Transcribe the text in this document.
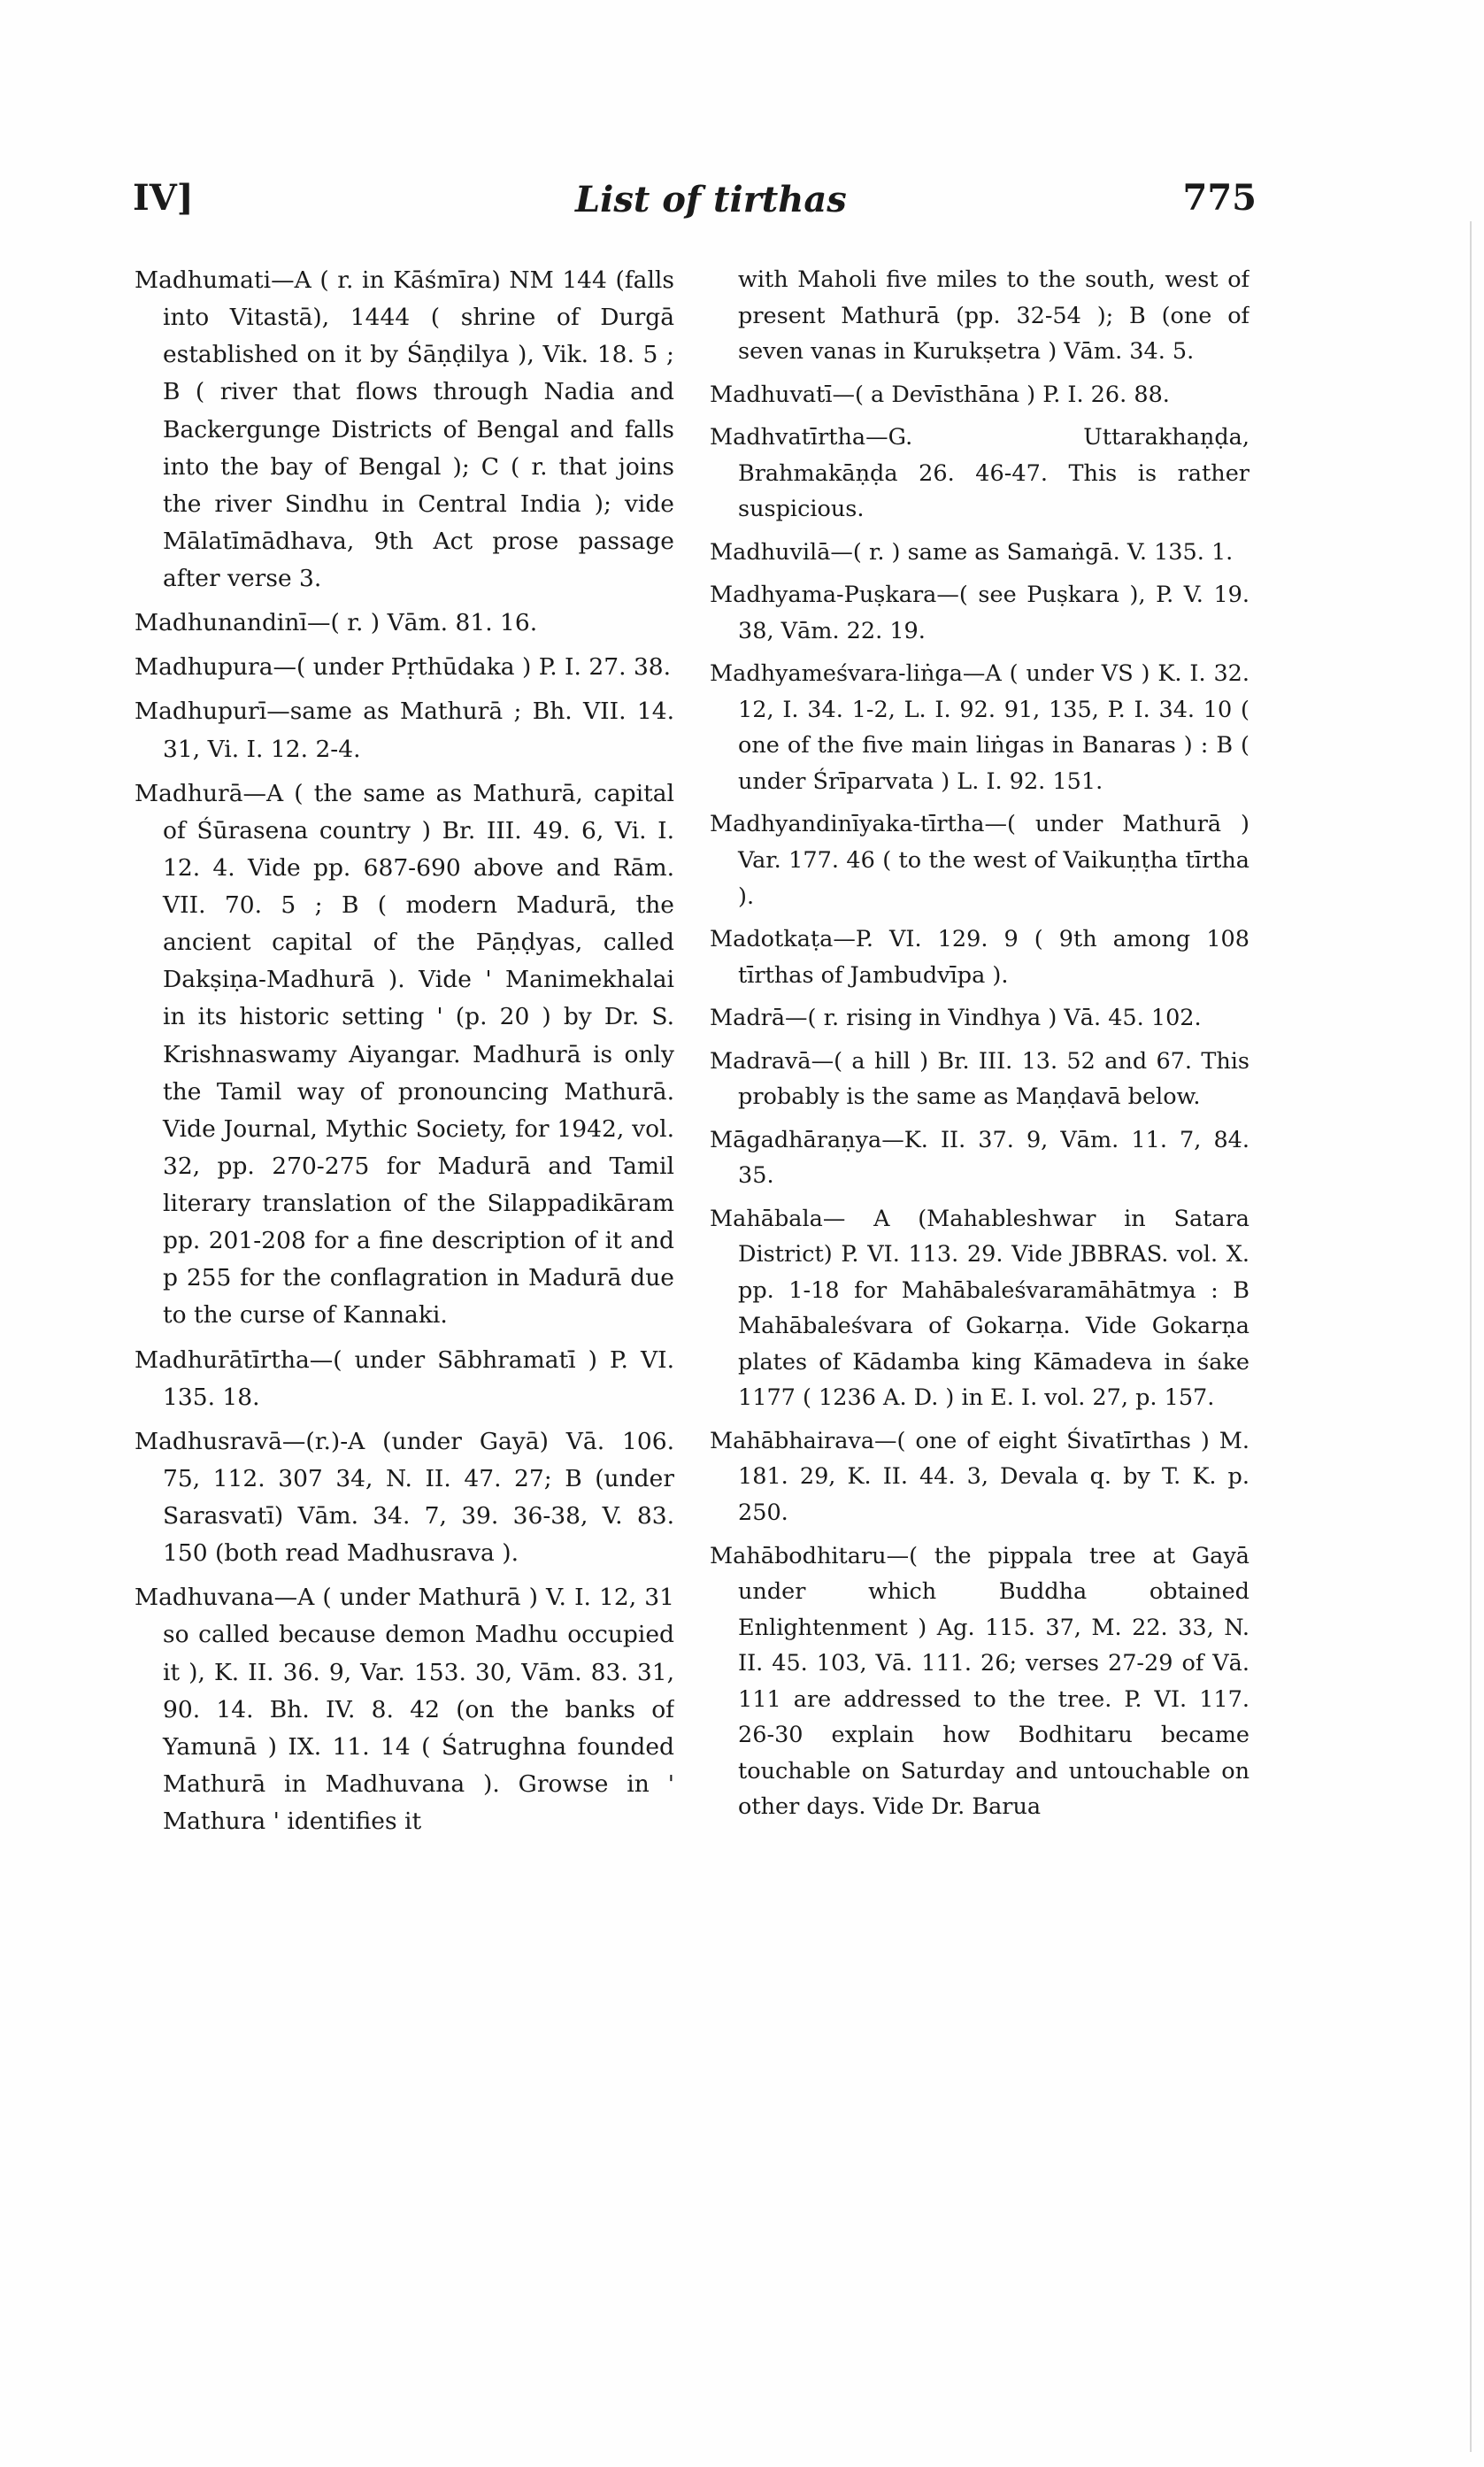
IV]	List of tirthas	775

Madhumati—A ( r. in Kāśmīra) NM 144 (falls into Vitastā), 1444 ( shrine of Durgā established on it by Śāṇḍilya ), Vik. 18. 5 ; B ( river that flows through Nadia and Backergunge Districts of Bengal and falls into the bay of Bengal ); C ( r. that joins the river Sindhu in Central India ); vide Mālatīmādhava, 9th Act prose passage after verse 3.

Madhunandinī—( r. ) Vām. 81. 16.

Madhupura—( under Pṛthūdaka ) P. I. 27. 38.

Madhupurī—same as Mathurā ; Bh. VII. 14. 31, Vi. I. 12. 2-4.

Madhurā—A ( the same as Mathurā, capital of Śūrasena country ) Br. III. 49. 6, Vi. I. 12. 4. Vide pp. 687-690 above and Rām. VII. 70. 5 ; B ( modern Madurā, the ancient capital of the Pāṇḍyas, called Dakṣiṇa-Madhurā ). Vide ' Manimekhalai in its historic setting ' (p. 20 ) by Dr. S. Krishnaswamy Aiyangar. Madhurā is only the Tamil way of pronouncing Mathurā. Vide Journal, Mythic Society, for 1942, vol. 32, pp. 270-275 for Madurā and Tamil literary translation of the Silappadikāram pp. 201-208 for a fine description of it and p 255 for the conflagration in Madurā due to the curse of Kannaki.

Madhurātīrtha—( under Sābhramatī ) P. VI. 135. 18.

Madhusravā—(r.)-A (under Gayā) Vā. 106. 75, 112. 307 34, N. II. 47. 27; B (under Sarasvatī) Vām. 34. 7, 39. 36-38, V. 83. 150 (both read Madhusrava ).

Madhuvana—A ( under Mathurā ) V. I. 12, 31 so called because demon Madhu occupied it ), K. II. 36. 9, Var. 153. 30, Vām. 83. 31, 90. 14. Bh. IV. 8. 42 (on the banks of Yamunā ) IX. 11. 14 ( Śatrughna founded Mathurā in Madhuvana ). Growse in ' Mathura ' identifies it

with Maholi five miles to the south, west of present Mathurā (pp. 32-54 ); B (one of seven vanas in Kurukṣetra ) Vām. 34. 5.

Madhuvatī—( a Devīsthāna ) P. I. 26. 88.

Madhvatīrtha—G. Uttarakhaṇḍa, Brahmakāṇḍa 26. 46-47. This is rather suspicious.

Madhuvilā—( r. ) same as Samaṅgā. V. 135. 1.

Madhyama-Puṣkara—( see Puṣkara ), P. V. 19. 38, Vām. 22. 19.

Madhyameśvara-liṅga—A ( under VS ) K. I. 32. 12, I. 34. 1-2, L. I. 92. 91, 135, P. I. 34. 10 ( one of the five main liṅgas in Banaras ) : B ( under Śrīparvata ) L. I. 92. 151.

Madhyandinīyaka-tīrtha—( under Mathurā ) Var. 177. 46 ( to the west of Vaikuṇṭha tīrtha ).

Madotkaṭa—P. VI. 129. 9 ( 9th among 108 tīrthas of Jambudvīpa ).

Madrā—( r. rising in Vindhya ) Vā. 45. 102.

Madravā—( a hill ) Br. III. 13. 52 and 67. This probably is the same as Maṇḍavā below.

Māgadhāraṇya—K. II. 37. 9, Vām. 11. 7, 84. 35.

Mahābala— A (Mahableshwar in Satara District) P. VI. 113. 29. Vide JBBRAS. vol. X. pp. 1-18 for Mahābaleśvaramāhātmya : B Mahābaleśvara of Gokarṇa. Vide Gokarṇa plates of Kādamba king Kāmadeva in śake 1177 ( 1236 A. D. ) in E. I. vol. 27, p. 157.

Mahābhairava—( one of eight Śivatīrthas ) M. 181. 29, K. II. 44. 3, Devala q. by T. K. p. 250.

Mahābodhitaru—( the pippala tree at Gayā under which Buddha obtained Enlightenment ) Ag. 115. 37, M. 22. 33, N. II. 45. 103, Vā. 111. 26; verses 27-29 of Vā. 111 are addressed to the tree. P. VI. 117. 26-30 explain how Bodhitaru became touchable on Saturday and untouchable on other days. Vide Dr. Barua
